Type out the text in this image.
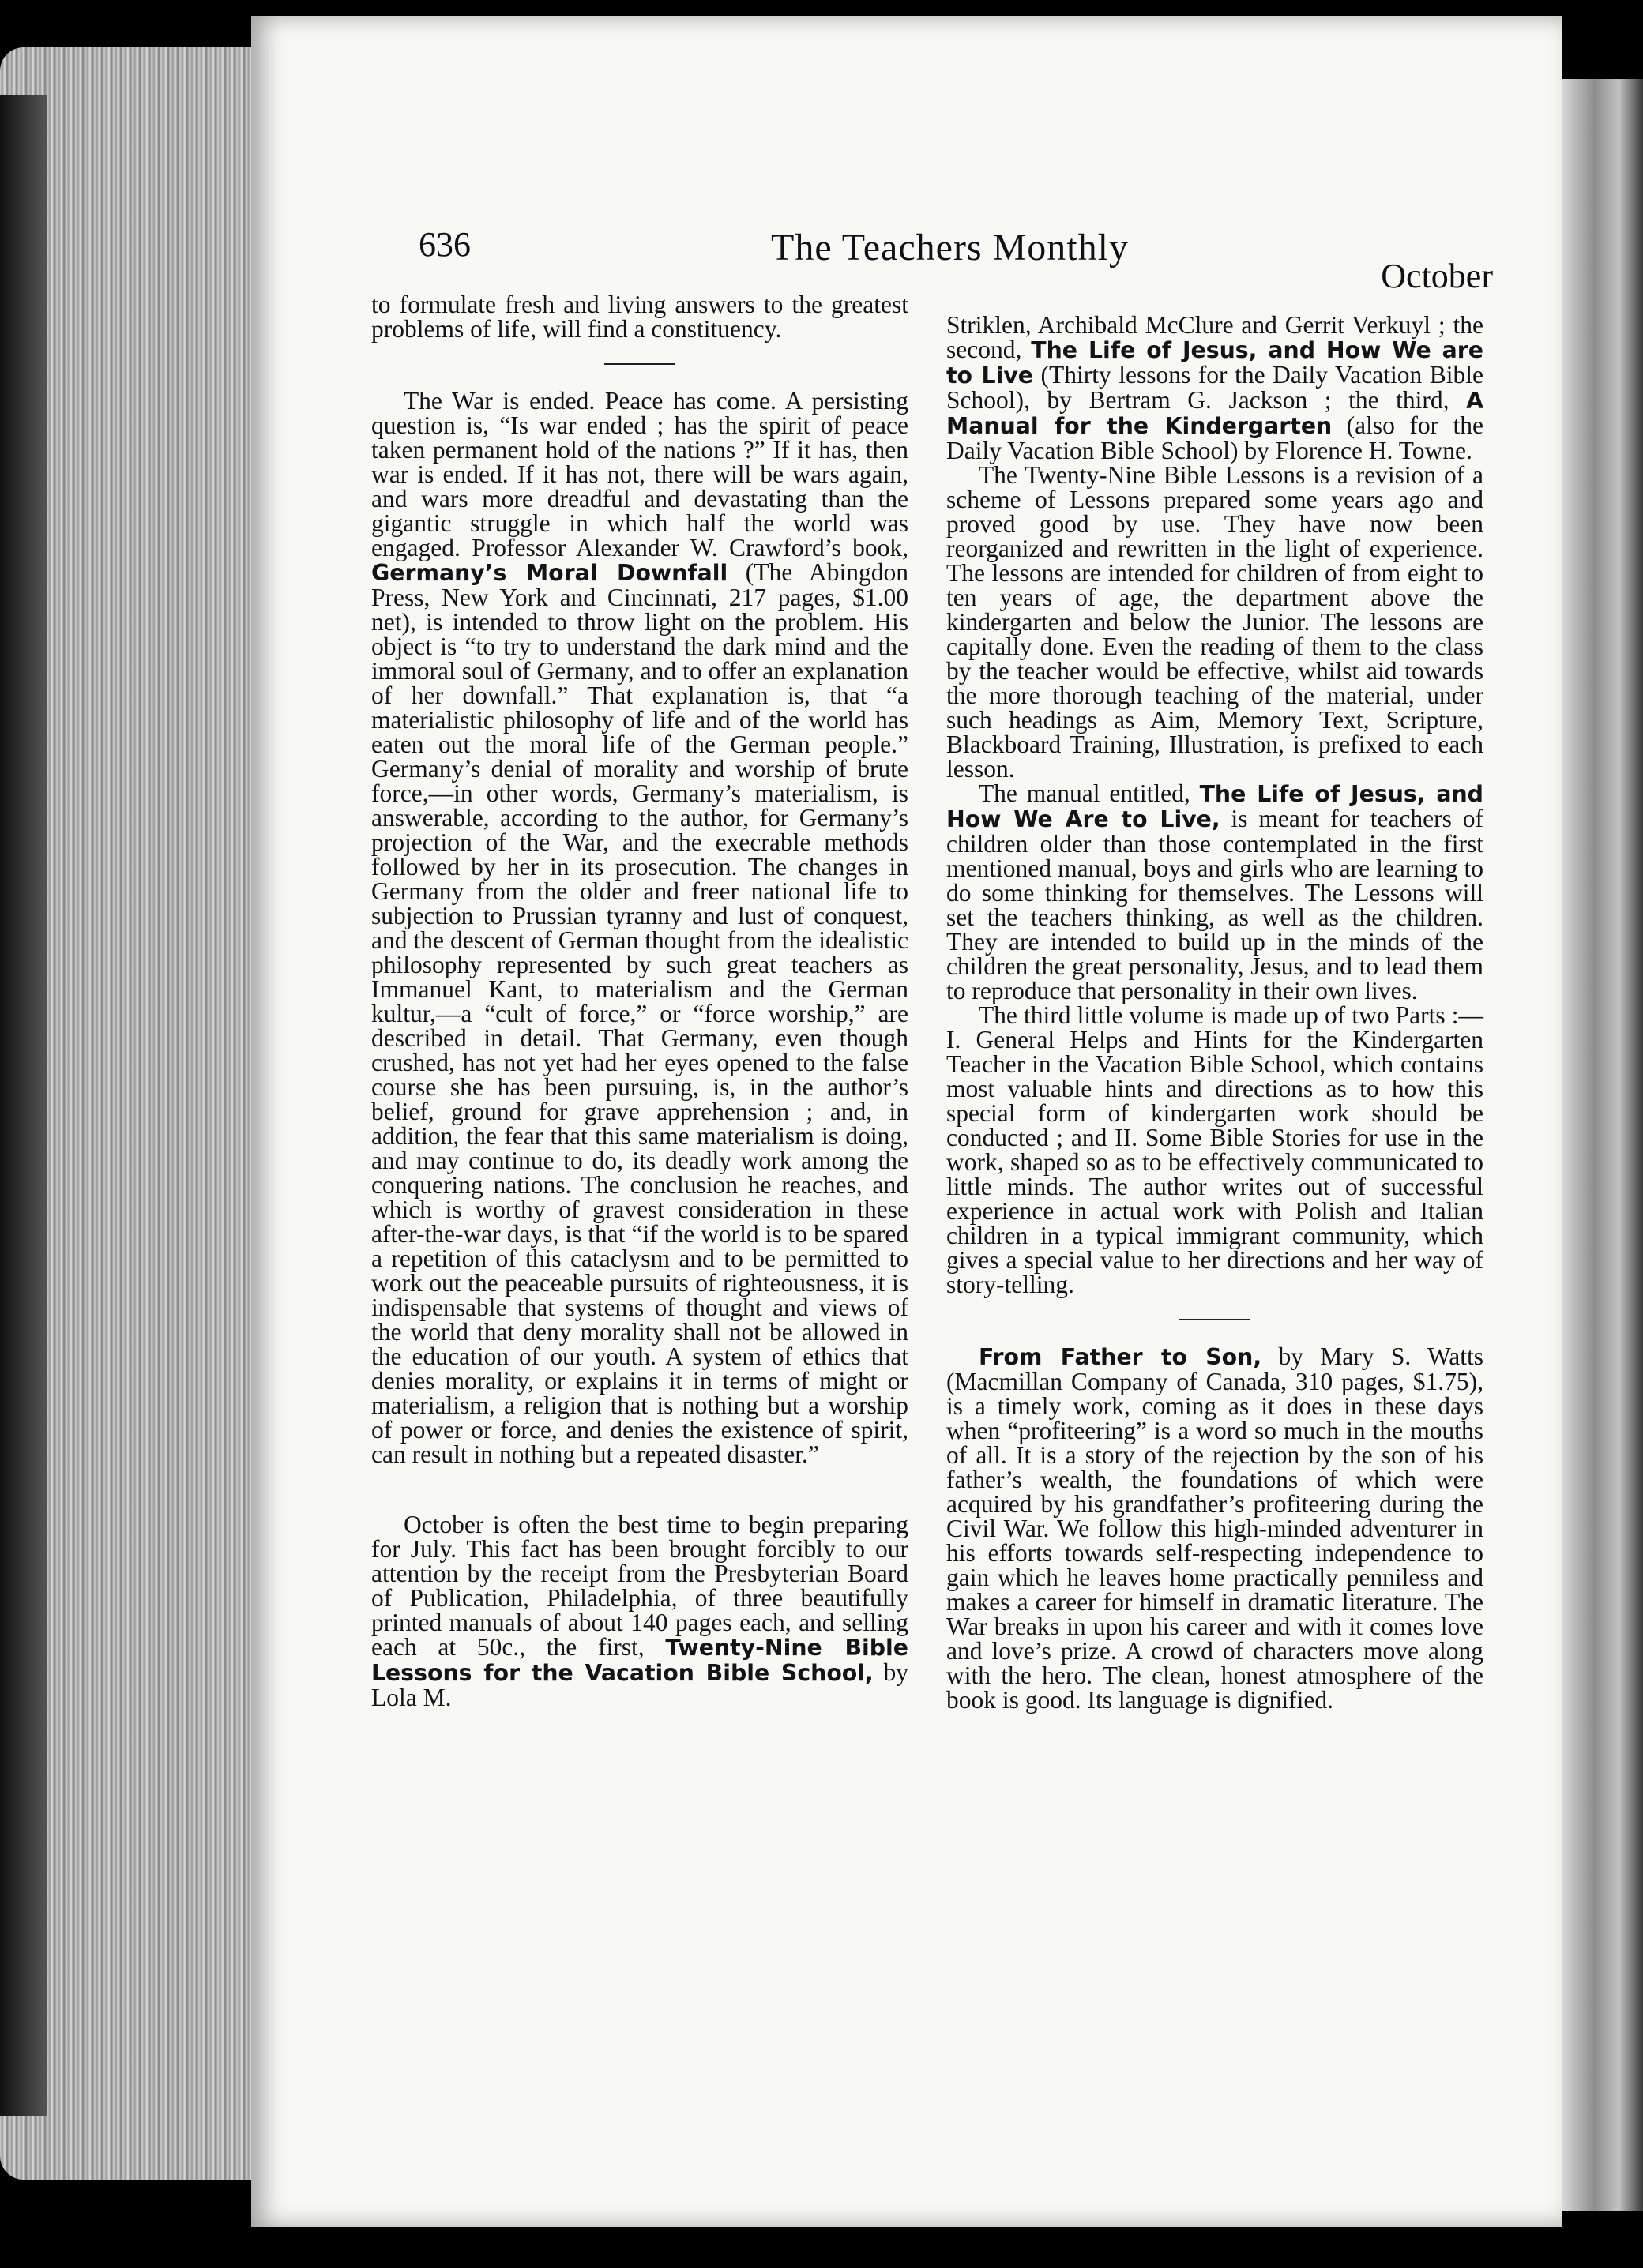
636	The Teachers Monthly
October

to formulate fresh and living answers to the greatest problems of life, will find a constituency.

The War is ended. Peace has come. A persisting question is, “Is war ended ; has the spirit of peace taken permanent hold of the nations ?” If it has, then war is ended. If it has not, there will be wars again, and wars more dreadful and devastating than the gigantic struggle in which half the world was engaged. Professor Alexander W. Crawford’s book, Germany’s Moral Downfall (The Abingdon Press, New York and Cincinnati, 217 pages, $1.00 net), is intended to throw light on the problem. His object is “to try to understand the dark mind and the immoral soul of Germany, and to offer an explanation of her downfall.” That explanation is, that “a materialistic philosophy of life and of the world has eaten out the moral life of the German people.” Germany’s denial of morality and worship of brute force,—in other words, Germany’s materialism, is answerable, according to the author, for Germany’s projection of the War, and the execrable methods followed by her in its prosecution. The changes in Germany from the older and freer national life to subjection to Prussian tyranny and lust of conquest, and the descent of German thought from the idealistic philosophy represented by such great teachers as Immanuel Kant, to materialism and the German kultur,—a “cult of force,” or “force worship,” are described in detail. That Germany, even though crushed, has not yet had her eyes opened to the false course she has been pursuing, is, in the author’s belief, ground for grave apprehension ; and, in addition, the fear that this same materialism is doing, and may continue to do, its deadly work among the conquering nations. The conclusion he reaches, and which is worthy of gravest consideration in these after-the-war days, is that “if the world is to be spared a repetition of this cataclysm and to be permitted to work out the peaceable pursuits of righteousness, it is indispensable that systems of thought and views of the world that deny morality shall not be allowed in the education of our youth. A system of ethics that denies morality, or explains it in terms of might or materialism, a religion that is nothing but a worship of power or force, and denies the existence of spirit, can result in nothing but a repeated disaster.”

October is often the best time to begin preparing for July. This fact has been brought forcibly to our attention by the receipt from the Presbyterian Board of Publication, Philadelphia, of three beautifully printed manuals of about 140 pages each, and selling each at 50c., the first, Twenty-Nine Bible Lessons for the Vacation Bible School, by Lola M.

Striklen, Archibald McClure and Gerrit Verkuyl ; the second, The Life of Jesus, and How We are to Live (Thirty lessons for the Daily Vacation Bible School), by Bertram G. Jackson ; the third, A Manual for the Kindergarten (also for the Daily Vacation Bible School) by Florence H. Towne.

The Twenty-Nine Bible Lessons is a revision of a scheme of Lessons prepared some years ago and proved good by use. They have now been reorganized and rewritten in the light of experience. The lessons are intended for children of from eight to ten years of age, the department above the kindergarten and below the Junior. The lessons are capitally done. Even the reading of them to the class by the teacher would be effective, whilst aid towards the more thorough teaching of the material, under such headings as Aim, Memory Text, Scripture, Blackboard Training, Illustration, is prefixed to each lesson.

The manual entitled, The Life of Jesus, and How We Are to Live, is meant for teachers of children older than those contemplated in the first mentioned manual, boys and girls who are learning to do some thinking for themselves. The Lessons will set the teachers thinking, as well as the children. They are intended to build up in the minds of the children the great personality, Jesus, and to lead them to reproduce that personality in their own lives.

The third little volume is made up of two Parts :—I. General Helps and Hints for the Kindergarten Teacher in the Vacation Bible School, which contains most valuable hints and directions as to how this special form of kindergarten work should be conducted ; and II. Some Bible Stories for use in the work, shaped so as to be effectively communicated to little minds. The author writes out of successful experience in actual work with Polish and Italian children in a typical immigrant community, which gives a special value to her directions and her way of story-telling.

From Father to Son, by Mary S. Watts (Macmillan Company of Canada, 310 pages, $1.75), is a timely work, coming as it does in these days when “profiteering” is a word so much in the mouths of all. It is a story of the rejection by the son of his father’s wealth, the foundations of which were acquired by his grandfather’s profiteering during the Civil War. We follow this high-minded adventurer in his efforts towards self-respecting independence to gain which he leaves home practically penniless and makes a career for himself in dramatic literature. The War breaks in upon his career and with it comes love and love’s prize. A crowd of characters move along with the hero. The clean, honest atmosphere of the book is good. Its language is dignified.
